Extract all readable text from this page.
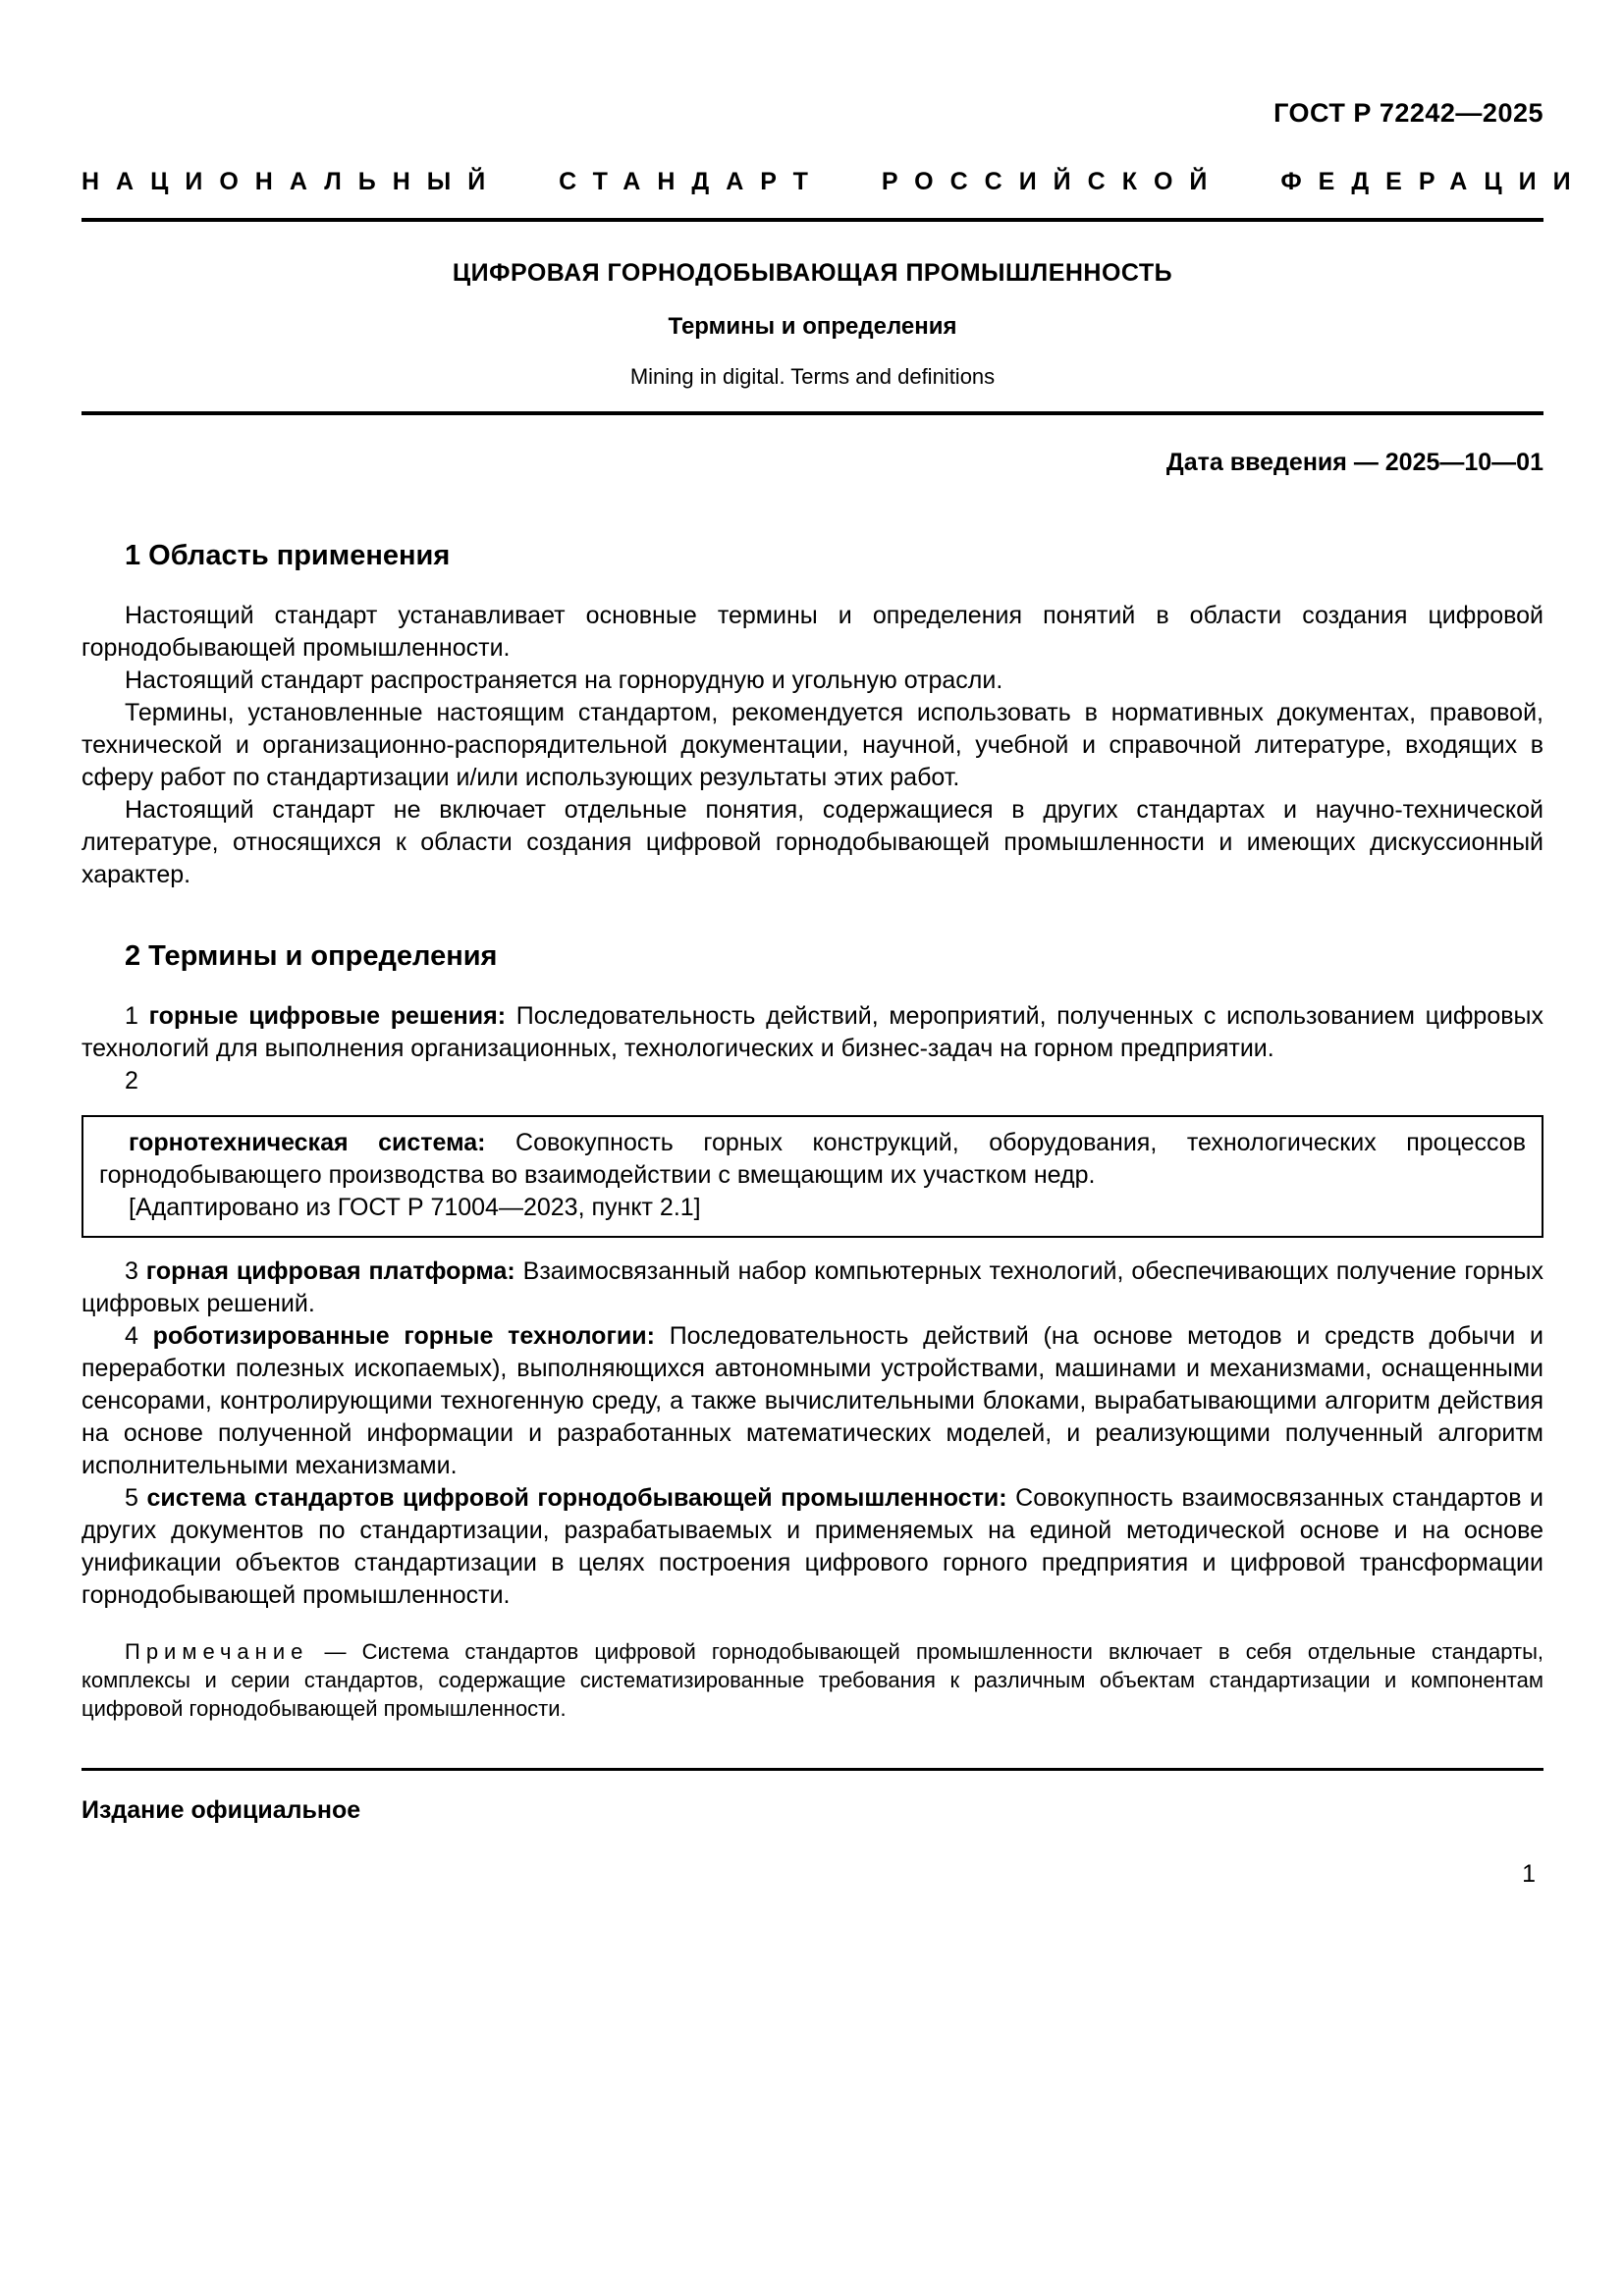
ГОСТ Р 72242—2025
НАЦИОНАЛЬНЫЙ СТАНДАРТ РОССИЙСКОЙ ФЕДЕРАЦИИ
ЦИФРОВАЯ ГОРНОДОБЫВАЮЩАЯ ПРОМЫШЛЕННОСТЬ
Термины и определения
Mining in digital. Terms and definitions
Дата введения — 2025—10—01
1 Область применения

Настоящий стандарт устанавливает основные термины и определения понятий в области создания цифровой горнодобывающей промышленности.

Настоящий стандарт распространяется на горнорудную и угольную отрасли.

Термины, установленные настоящим стандартом, рекомендуется использовать в нормативных документах, правовой, технической и организационно-распорядительной документации, научной, учебной и справочной литературе, входящих в сферу работ по стандартизации и/или использующих результаты этих работ.

Настоящий стандарт не включает отдельные понятия, содержащиеся в других стандартах и научно-технической литературе, относящихся к области создания цифровой горнодобывающей промышленности и имеющих дискуссионный характер.

2 Термины и определения

1 горные цифровые решения: Последовательность действий, мероприятий, полученных с использованием цифровых технологий для выполнения организационных, технологических и бизнес-задач на горном предприятии.

2

горнотехническая система: Совокупность горных конструкций, оборудования, технологических процессов горнодобывающего производства во взаимодействии с вмещающим их участком недр.

[Адаптировано из ГОСТ Р 71004—2023, пункт 2.1]

3 горная цифровая платформа: Взаимосвязанный набор компьютерных технологий, обеспечивающих получение горных цифровых решений.

4 роботизированные горные технологии: Последовательность действий (на основе методов и средств добычи и переработки полезных ископаемых), выполняющихся автономными устройствами, машинами и механизмами, оснащенными сенсорами, контролирующими техногенную среду, а также вычислительными блоками, вырабатывающими алгоритм действия на основе полученной информации и разработанных математических моделей, и реализующими полученный алгоритм исполнительными механизмами.

5 система стандартов цифровой горнодобывающей промышленности: Совокупность взаимосвязанных стандартов и других документов по стандартизации, разрабатываемых и применяемых на единой методической основе и на основе унификации объектов стандартизации в целях построения цифрового горного предприятия и цифровой трансформации горнодобывающей промышленности.

Примечание — Система стандартов цифровой горнодобывающей промышленности включает в себя отдельные стандарты, комплексы и серии стандартов, содержащие систематизированные требования к различным объектам стандартизации и компонентам цифровой горнодобывающей промышленности.

Издание официальное
1
